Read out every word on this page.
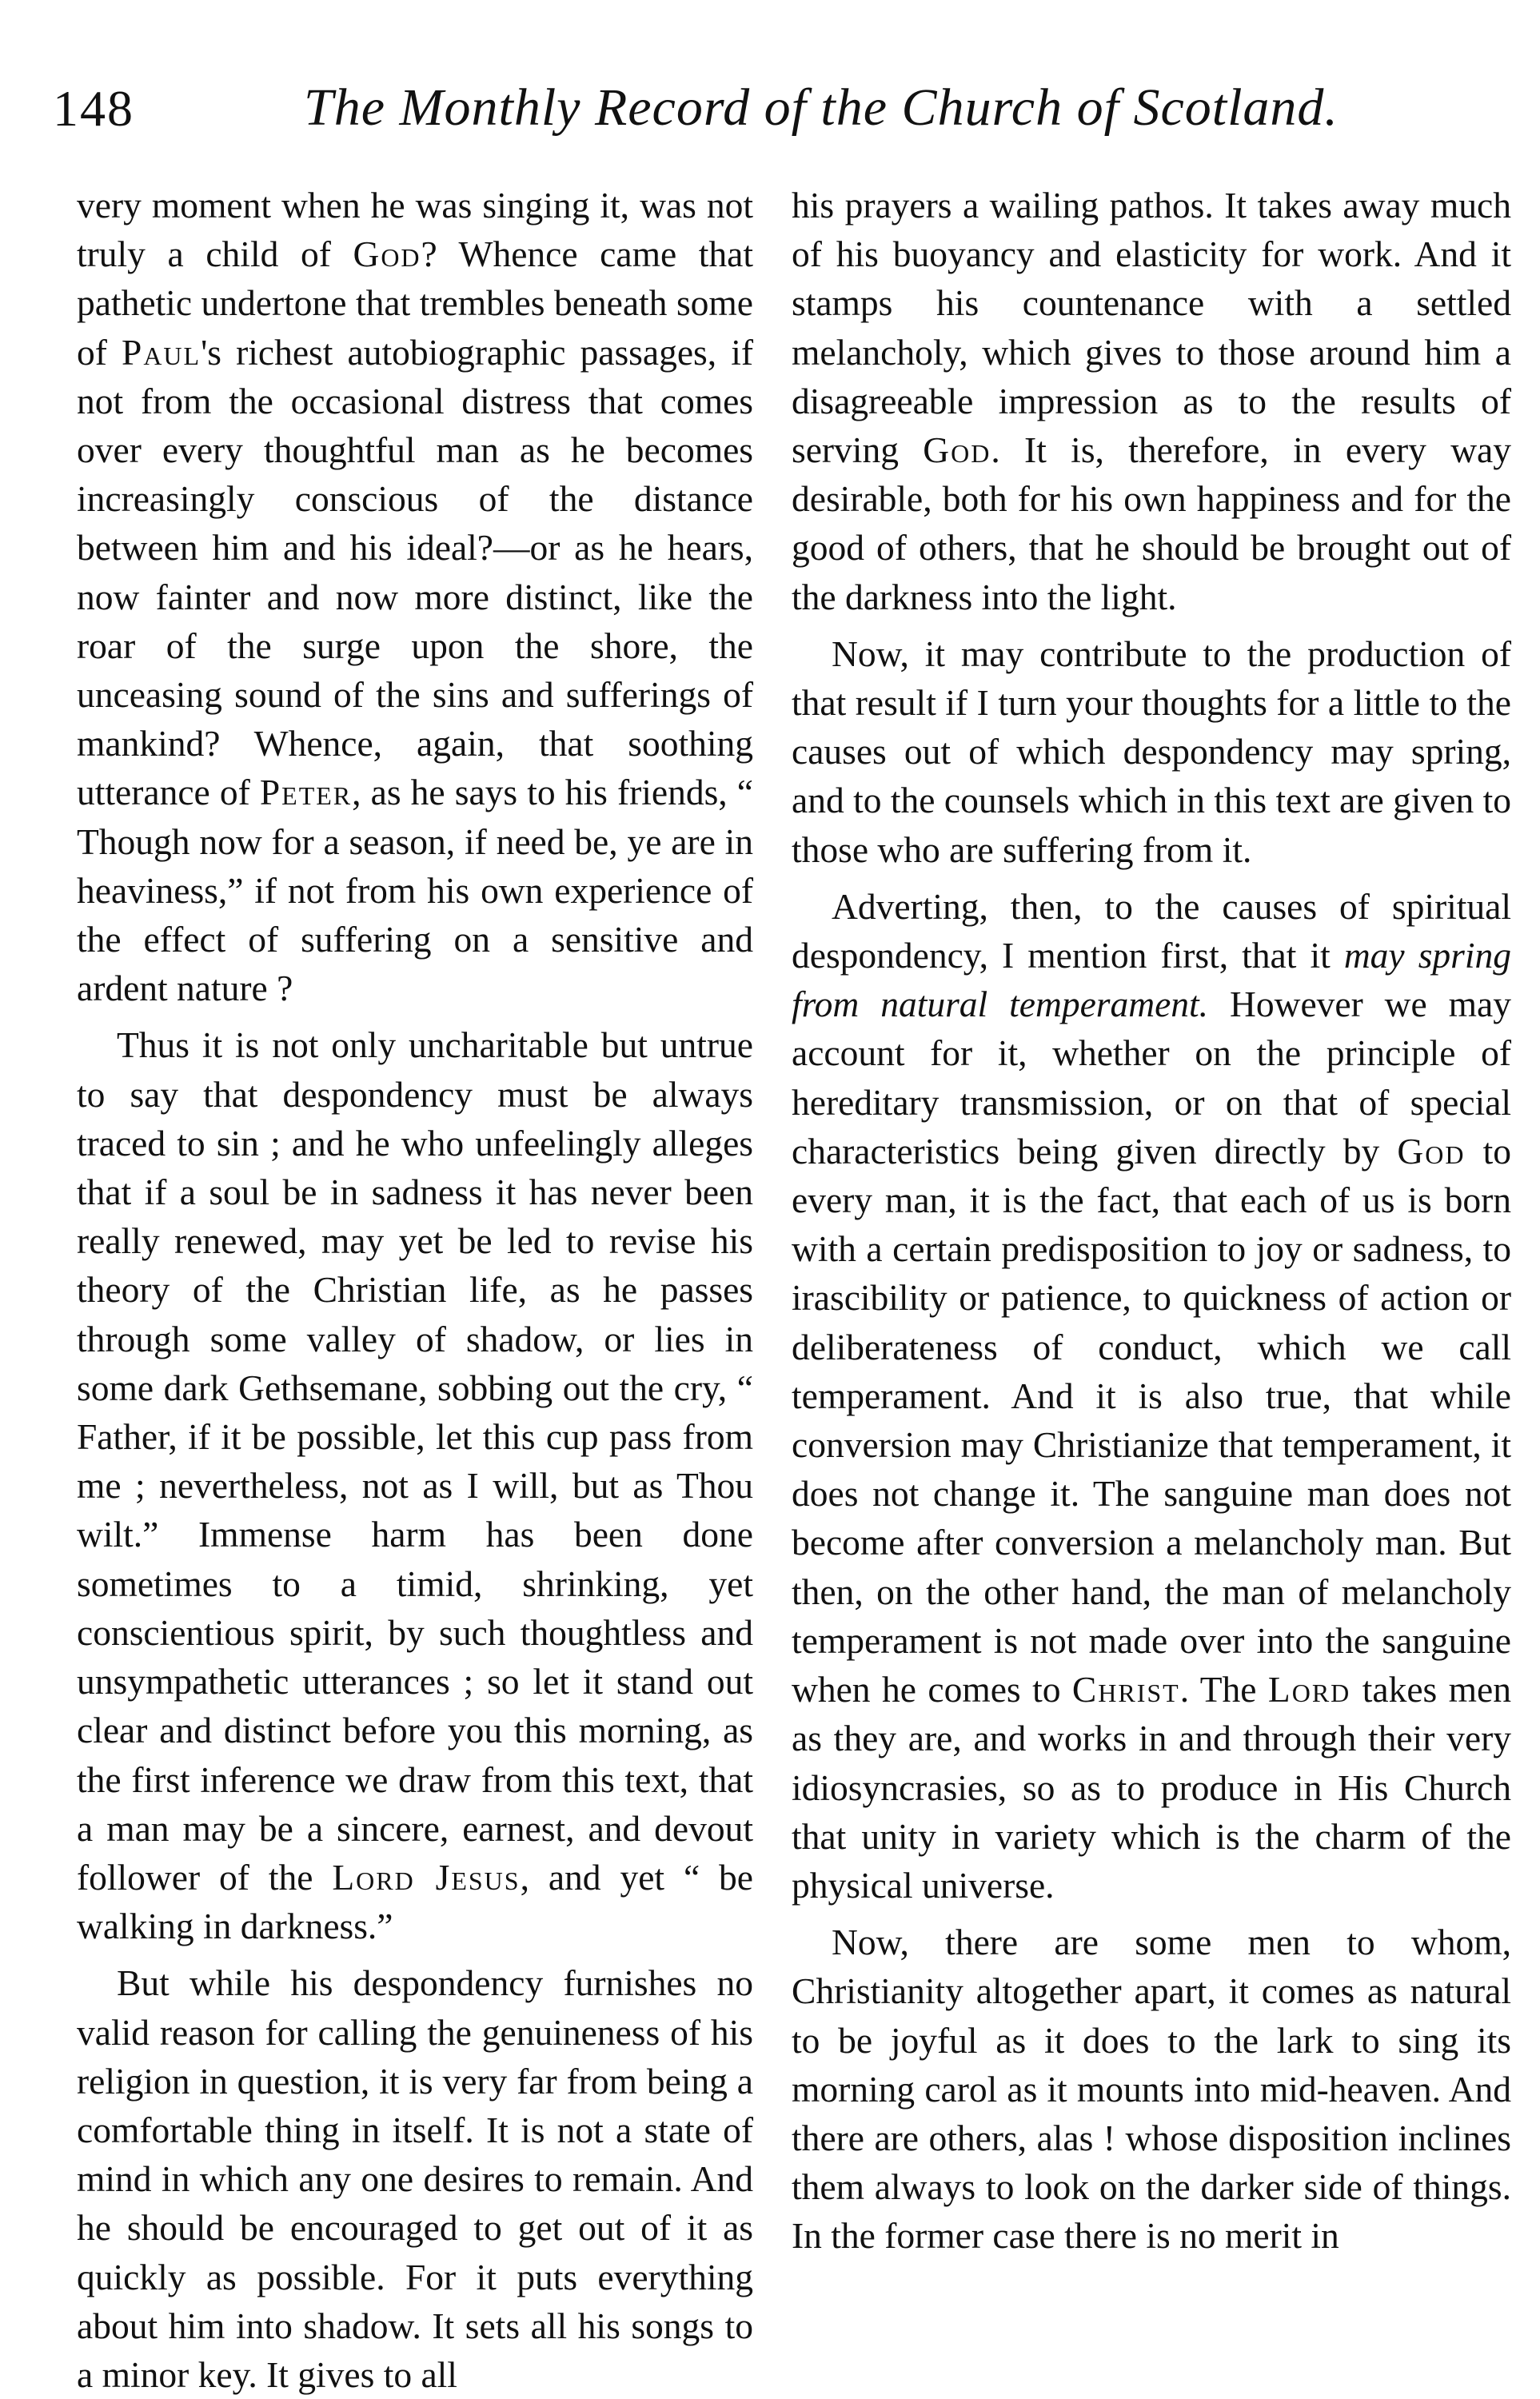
148	The Monthly Record of the Church of Scotland.

very moment when he was singing it, was not truly a child of God? Whence came that pathetic undertone that trembles beneath some of Paul's richest autobiographic passages, if not from the occasional distress that comes over every thoughtful man as he becomes increasingly conscious of the distance between him and his ideal?—or as he hears, now fainter and now more distinct, like the roar of the surge upon the shore, the unceasing sound of the sins and sufferings of mankind? Whence, again, that soothing utterance of Peter, as he says to his friends, “ Though now for a season, if need be, ye are in heaviness,” if not from his own experience of the effect of suffering on a sensitive and ardent nature ?

Thus it is not only uncharitable but untrue to say that despondency must be always traced to sin ; and he who unfeelingly alleges that if a soul be in sadness it has never been really renewed, may yet be led to revise his theory of the Christian life, as he passes through some valley of shadow, or lies in some dark Gethsemane, sobbing out the cry, “ Father, if it be possible, let this cup pass from me ; nevertheless, not as I will, but as Thou wilt.” Immense harm has been done sometimes to a timid, shrinking, yet conscientious spirit, by such thoughtless and unsympathetic utterances ; so let it stand out clear and distinct before you this morning, as the first inference we draw from this text, that a man may be a sincere, earnest, and devout follower of the Lord Jesus, and yet “ be walking in darkness.”

But while his despondency furnishes no valid reason for calling the genuineness of his religion in question, it is very far from being a comfortable thing in itself. It is not a state of mind in which any one desires to remain. And he should be encouraged to get out of it as quickly as possible. For it puts everything about him into shadow. It sets all his songs to a minor key. It gives to all

his prayers a wailing pathos. It takes away much of his buoyancy and elasticity for work. And it stamps his countenance with a settled melancholy, which gives to those around him a disagreeable impression as to the results of serving God. It is, therefore, in every way desirable, both for his own happiness and for the good of others, that he should be brought out of the darkness into the light.

Now, it may contribute to the production of that result if I turn your thoughts for a little to the causes out of which despondency may spring, and to the counsels which in this text are given to those who are suffering from it.

Adverting, then, to the causes of spiritual despondency, I mention first, that it may spring from natural temperament. However we may account for it, whether on the principle of hereditary transmission, or on that of special characteristics being given directly by God to every man, it is the fact, that each of us is born with a certain predisposition to joy or sadness, to irascibility or patience, to quickness of action or deliberateness of conduct, which we call temperament. And it is also true, that while conversion may Christianize that temperament, it does not change it. The sanguine man does not become after conversion a melancholy man. But then, on the other hand, the man of melancholy temperament is not made over into the sanguine when he comes to Christ. The Lord takes men as they are, and works in and through their very idiosyncrasies, so as to produce in His Church that unity in variety which is the charm of the physical universe.

Now, there are some men to whom, Christianity altogether apart, it comes as natural to be joyful as it does to the lark to sing its morning carol as it mounts into mid-heaven. And there are others, alas ! whose disposition inclines them always to look on the darker side of things. In the former case there is no merit in
